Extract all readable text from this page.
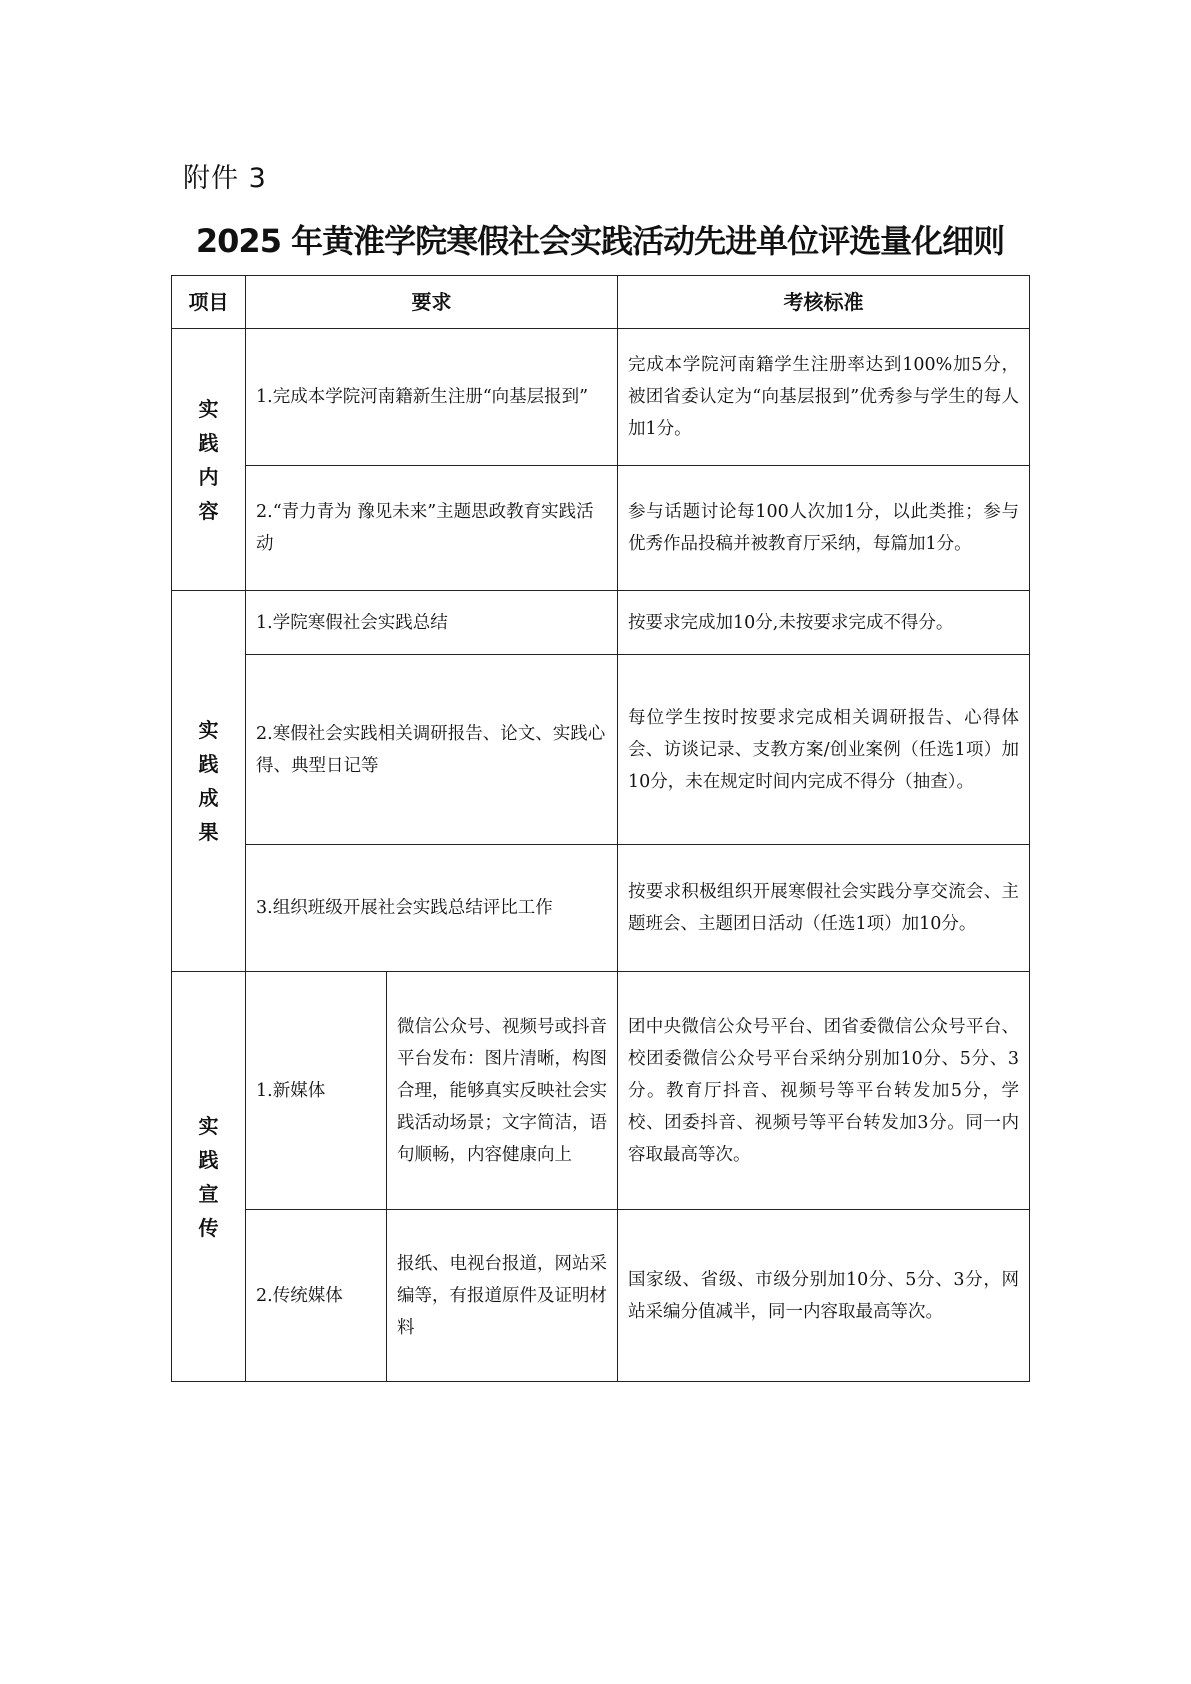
附件 3
2025 年黄淮学院寒假社会实践活动先进单位评选量化细则
项目	要求		考核标准
实践内容	1.完成本学院河南籍新生注册“向基层报到”		完成本学院河南籍学生注册率达到100%加5分，被团省委认定为“向基层报到”优秀参与学生的每人加1分。
	2.“青力青为 豫见未来”主题思政教育实践活动		参与话题讨论每100人次加1分，以此类推；参与优秀作品投稿并被教育厅采纳，每篇加1分。
实践成果	1.学院寒假社会实践总结		按要求完成加10分,未按要求完成不得分。
	2.寒假社会实践相关调研报告、论文、实践心得、典型日记等		每位学生按时按要求完成相关调研报告、心得体会、访谈记录、支教方案/创业案例（任选1项）加10分，未在规定时间内完成不得分（抽查）。
	3.组织班级开展社会实践总结评比工作		按要求积极组织开展寒假社会实践分享交流会、主题班会、主题团日活动（任选1项）加10分。
实践宣传	1.新媒体	微信公众号、视频号或抖音平台发布：图片清晰，构图合理，能够真实反映社会实践活动场景；文字简洁，语句顺畅，内容健康向上	团中央微信公众号平台、团省委微信公众号平台、校团委微信公众号平台采纳分别加10分、5分、3分。教育厅抖音、视频号等平台转发加5分，学校、团委抖音、视频号等平台转发加3分。同一内容取最高等次。
	2.传统媒体	报纸、电视台报道，网站采编等，有报道原件及证明材料	国家级、省级、市级分别加10分、5分、3分，网站采编分值减半，同一内容取最高等次。
